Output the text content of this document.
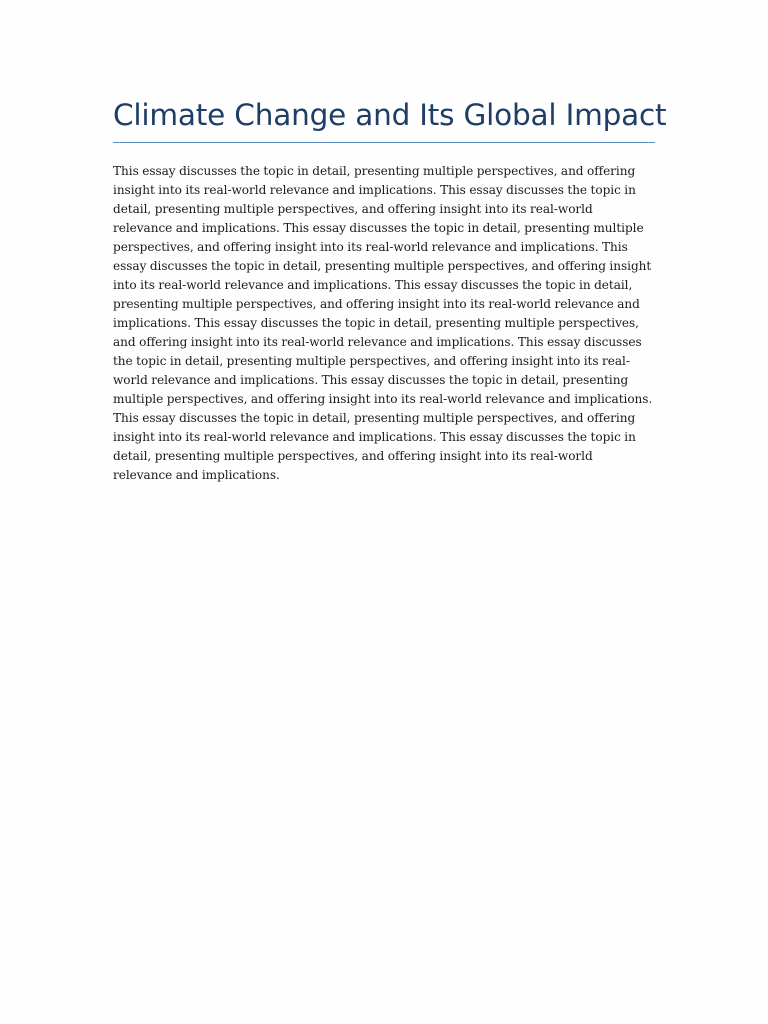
Climate Change and Its Global Impact

This essay discusses the topic in detail, presenting multiple perspectives, and offering insight into its real-world relevance and implications. This essay discusses the topic in detail, presenting multiple perspectives, and offering insight into its real-world relevance and implications. This essay discusses the topic in detail, presenting multiple perspectives, and offering insight into its real-world relevance and implications. This essay discusses the topic in detail, presenting multiple perspectives, and offering insight into its real-world relevance and implications. This essay discusses the topic in detail, presenting multiple perspectives, and offering insight into its real-world relevance and implications. This essay discusses the topic in detail, presenting multiple perspectives, and offering insight into its real-world relevance and implications. This essay discusses the topic in detail, presenting multiple perspectives, and offering insight into its real-world relevance and implications. This essay discusses the topic in detail, presenting multiple perspectives, and offering insight into its real-world relevance and implications. This essay discusses the topic in detail, presenting multiple perspectives, and offering insight into its real-world relevance and implications. This essay discusses the topic in detail, presenting multiple perspectives, and offering insight into its real-world relevance and implications.
